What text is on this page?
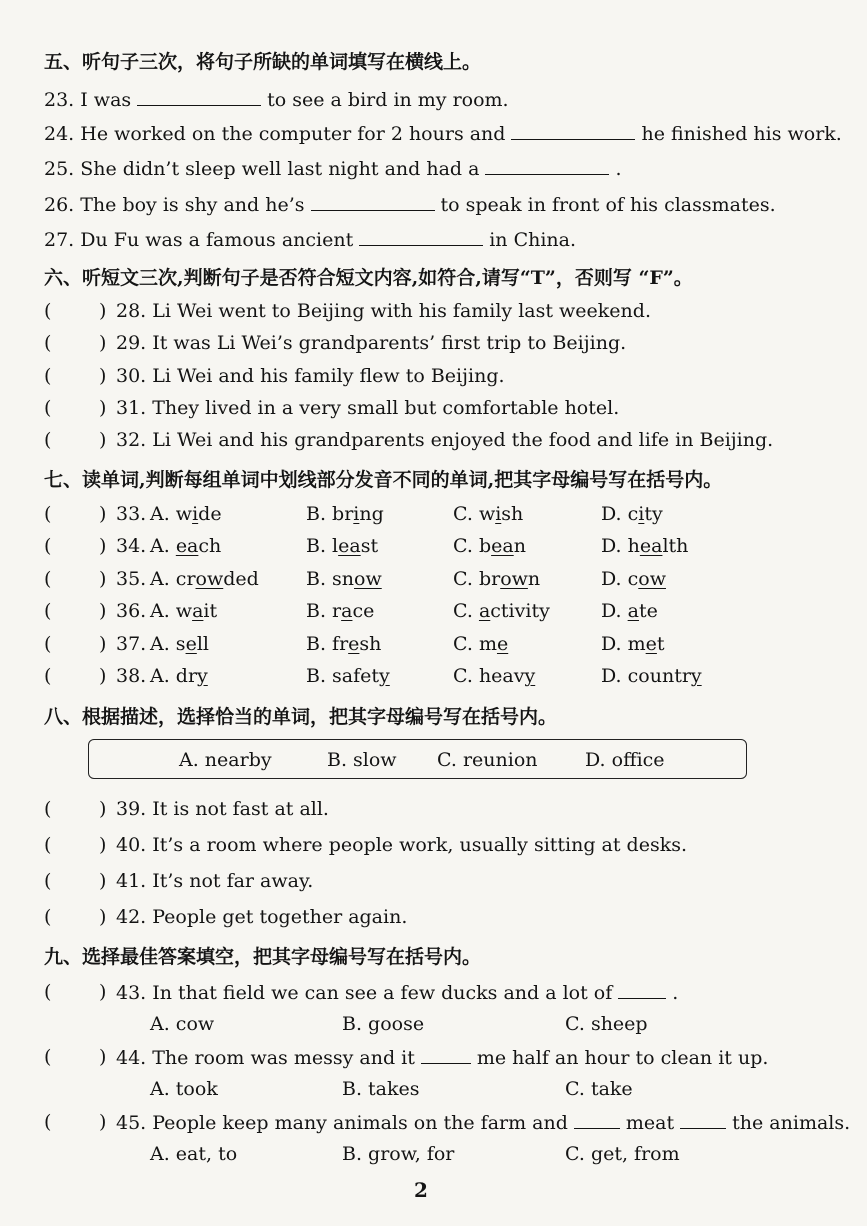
五、听句子三次，将句子所缺的单词填写在横线上。
23. I was	to see a bird in my room.
24. He worked on the computer for 2 hours and	he finished his work.
25. She didn’t sleep well last night and had a	.
26. The boy is shy and he’s	to speak in front of his classmates.
27. Du Fu was a famous ancient	in China.
六、听短文三次,判断句子是否符合短文内容,如符合,请写“T”，否则写 “F”。
(	) 28. Li Wei went to Beijing with his family last weekend.
(	) 29. It was Li Wei’s grandparents’ first trip to Beijing.
(	) 30. Li Wei and his family flew to Beijing.
(	) 31. They lived in a very small but comfortable hotel.
(	) 32. Li Wei and his grandparents enjoyed the food and life in Beijing.
七、读单词,判断每组单词中划线部分发音不同的单词,把其字母编号写在括号内。
(	) 33. A. wide	B. bring	C. wish	D. city
(	) 34. A. each	B. least	C. bean	D. health
(	) 35. A. crowded B. snow	C. brown	D. cow
(	) 36. A. wait	B. race	C. activity	D. ate
(	) 37. A. sell	B. fresh	C. me	D. met
(	) 38. A. dry	B. safety	C. heavy	D. country
八、根据描述，选择恰当的单词，把其字母编号写在括号内。
A. nearby	B. slow C. reunion	D. office
(	) 39. It is not fast at all.
(	) 40. It’s a room where people work, usually sitting at desks.
(	) 41. It’s not far away.
(	) 42. People get together again.
九、选择最佳答案填空，把其字母编号写在括号内。
(	) 43. In that field we can see a few ducks and a lot of	.
A. cow	B. goose	C. sheep
(	) 44. The room was messy and it	me half an hour to clean it up.
A. took	B. takes	C. take
(	) 45. People keep many animals on the farm and	meat	the animals.
A. eat, to	B. grow, for	C. get, from
2
